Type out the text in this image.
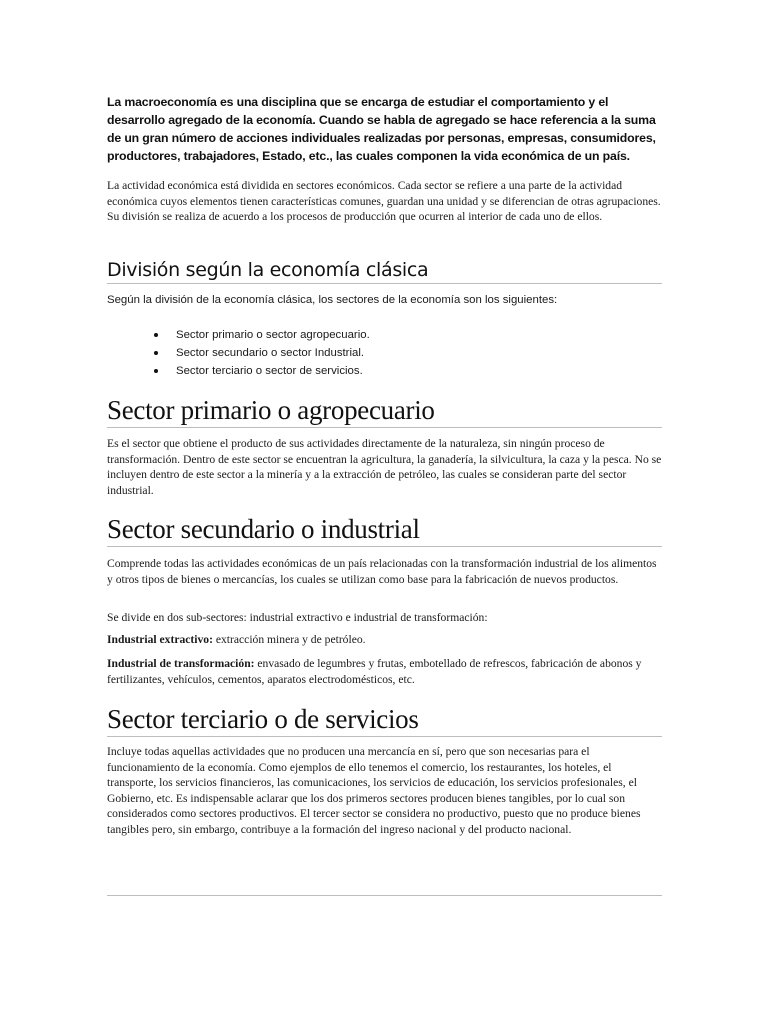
La macroeconomía es una disciplina que se encarga de estudiar el comportamiento y el desarrollo agregado de la economía. Cuando se habla de agregado se hace referencia a la suma de un gran número de acciones individuales realizadas por personas, empresas, consumidores, productores, trabajadores, Estado, etc., las cuales componen la vida económica de un país.

La actividad económica está dividida en sectores económicos. Cada sector se refiere a una parte de la actividad económica cuyos elementos tienen características comunes, guardan una unidad y se diferencian de otras agrupaciones. Su división se realiza de acuerdo a los procesos de producción que ocurren al interior de cada uno de ellos.

División según la economía clásica

Según la división de la economía clásica, los sectores de la economía son los siguientes:

Sector primario o sector agropecuario.
Sector secundario o sector Industrial.
Sector terciario o sector de servicios.
Sector primario o agropecuario

Es el sector que obtiene el producto de sus actividades directamente de la naturaleza, sin ningún proceso de transformación. Dentro de este sector se encuentran la agricultura, la ganadería, la silvicultura, la caza y la pesca. No se incluyen dentro de este sector a la minería y a la extracción de petróleo, las cuales se consideran parte del sector industrial.

Sector secundario o industrial

Comprende todas las actividades económicas de un país relacionadas con la transformación industrial de los alimentos y otros tipos de bienes o mercancías, los cuales se utilizan como base para la fabricación de nuevos productos.

Se divide en dos sub-sectores: industrial extractivo e industrial de transformación:

Industrial extractivo: extracción minera y de petróleo.

Industrial de transformación: envasado de legumbres y frutas, embotellado de refrescos, fabricación de abonos y fertilizantes, vehículos, cementos, aparatos electrodomésticos, etc.

Sector terciario o de servicios

Incluye todas aquellas actividades que no producen una mercancía en sí, pero que son necesarias para el funcionamiento de la economía. Como ejemplos de ello tenemos el comercio, los restaurantes, los hoteles, el transporte, los servicios financieros, las comunicaciones, los servicios de educación, los servicios profesionales, el Gobierno, etc. Es indispensable aclarar que los dos primeros sectores producen bienes tangibles, por lo cual son considerados como sectores productivos. El tercer sector se considera no productivo, puesto que no produce bienes tangibles pero, sin embargo, contribuye a la formación del ingreso nacional y del producto nacional.
